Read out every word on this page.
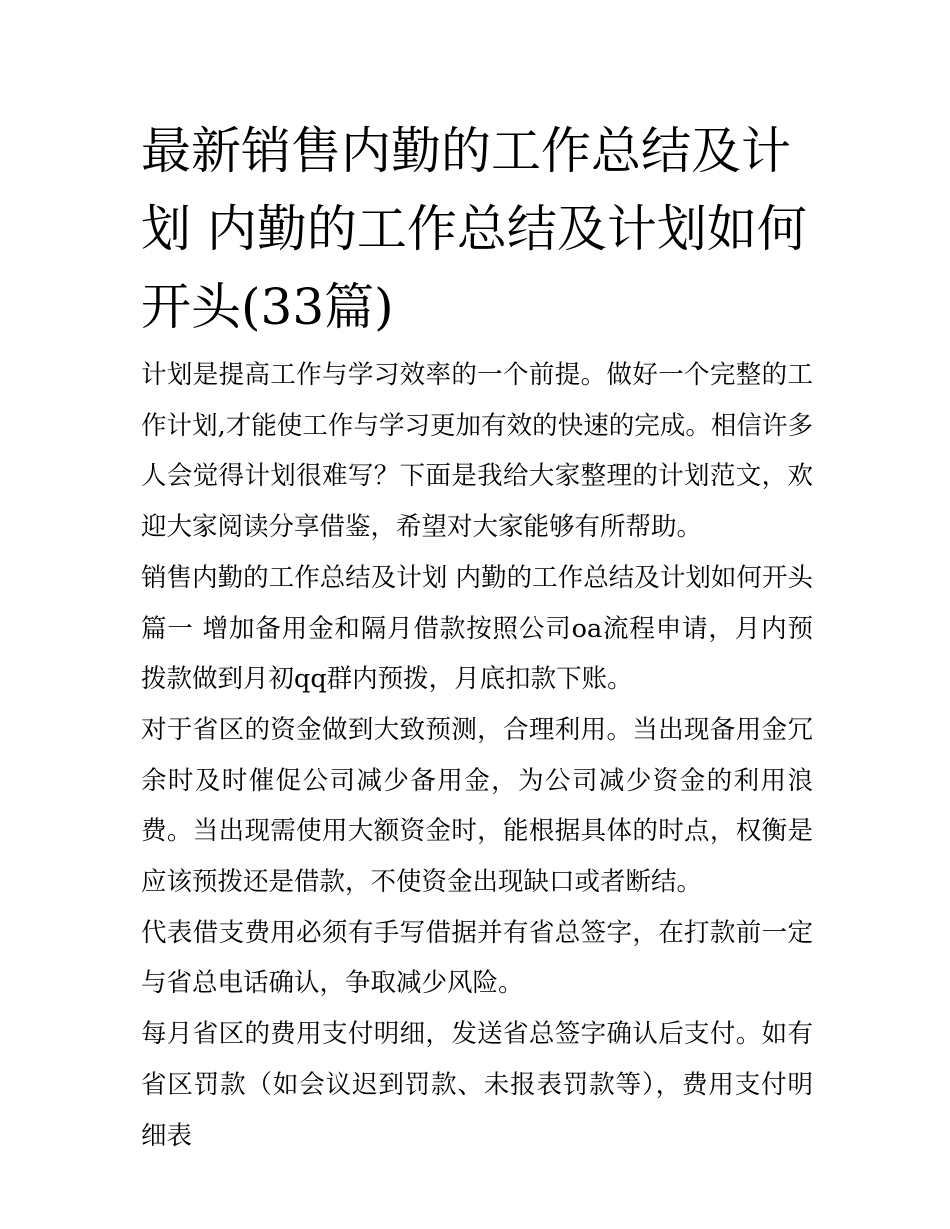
最新销售内勤的工作总结及计划 内勤的工作总结及计划如何开头(33篇)

计划是提高工作与学习效率的一个前提。做好一个完整的工作计划,才能使工作与学习更加有效的快速的完成。相信许多人会觉得计划很难写？下面是我给大家整理的计划范文，欢迎大家阅读分享借鉴，希望对大家能够有所帮助。

销售内勤的工作总结及计划 内勤的工作总结及计划如何开头篇一 增加备用金和隔月借款按照公司oa流程申请，月内预拨款做到月初qq群内预拨，月底扣款下账。

对于省区的资金做到大致预测，合理利用。当出现备用金冗余时及时催促公司减少备用金，为公司减少资金的利用浪费。当出现需使用大额资金时，能根据具体的时点，权衡是应该预拨还是借款，不使资金出现缺口或者断结。

代表借支费用必须有手写借据并有省总签字，在打款前一定与省总电话确认，争取减少风险。

每月省区的费用支付明细，发送省总签字确认后支付。如有省区罚款（如会议迟到罚款、未报表罚款等），费用支付明细表
